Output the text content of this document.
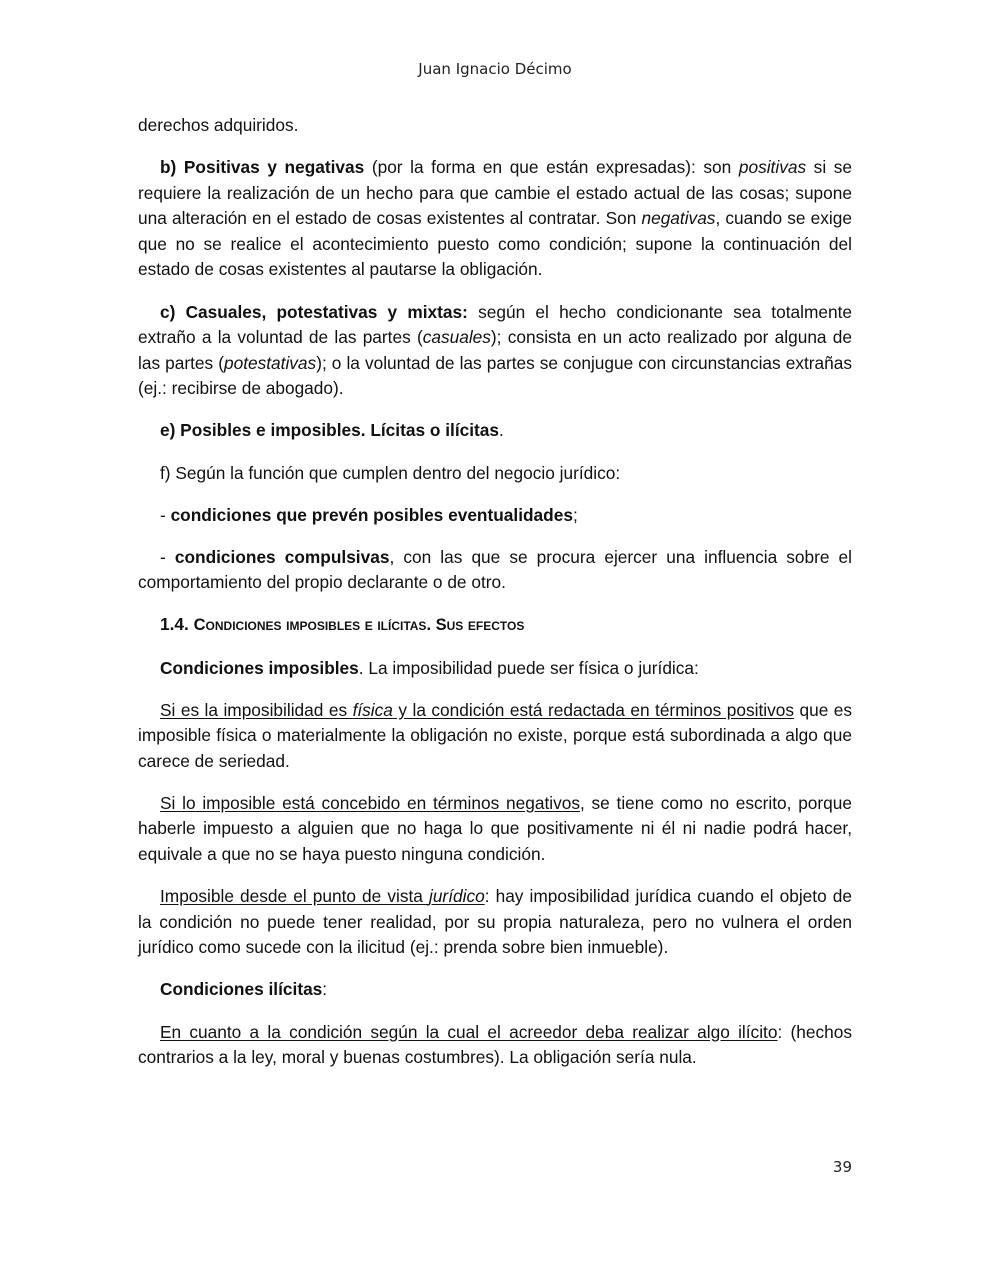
Juan Ignacio Décimo

derechos adquiridos.

b) Positivas y negativas (por la forma en que están expresadas): son positivas si se requiere la realización de un hecho para que cambie el estado actual de las cosas; supone una alteración en el estado de cosas existentes al contratar. Son negativas, cuando se exige que no se realice el acontecimiento puesto como condición; supone la continuación del estado de cosas existentes al pautarse la obligación.

c) Casuales, potestativas y mixtas: según el hecho condicionante sea totalmente extraño a la voluntad de las partes (casuales); consista en un acto realizado por alguna de las partes (potestativas); o la voluntad de las partes se conjugue con circunstancias extrañas (ej.: recibirse de abogado).

e) Posibles e imposibles. Lícitas o ilícitas.

f) Según la función que cumplen dentro del negocio jurídico:

- condiciones que prevén posibles eventualidades;

- condiciones compulsivas, con las que se procura ejercer una influencia sobre el comportamiento del propio declarante o de otro.

1.4. Condiciones imposibles e ilícitas. Sus efectos

Condiciones imposibles. La imposibilidad puede ser física o jurídica:

Si es la imposibilidad es física y la condición está redactada en términos positivos que es imposible física o materialmente la obligación no existe, porque está subordinada a algo que carece de seriedad.

Si lo imposible está concebido en términos negativos, se tiene como no escrito, porque haberle impuesto a alguien que no haga lo que positivamente ni él ni nadie podrá hacer, equivale a que no se haya puesto ninguna condición.

Imposible desde el punto de vista jurídico: hay imposibilidad jurídica cuando el objeto de la condición no puede tener realidad, por su propia naturaleza, pero no vulnera el orden jurídico como sucede con la ilicitud (ej.: prenda sobre bien inmueble).

Condiciones ilícitas:

En cuanto a la condición según la cual el acreedor deba realizar algo ilícito: (hechos contrarios a la ley, moral y buenas costumbres). La obligación sería nula.

39
